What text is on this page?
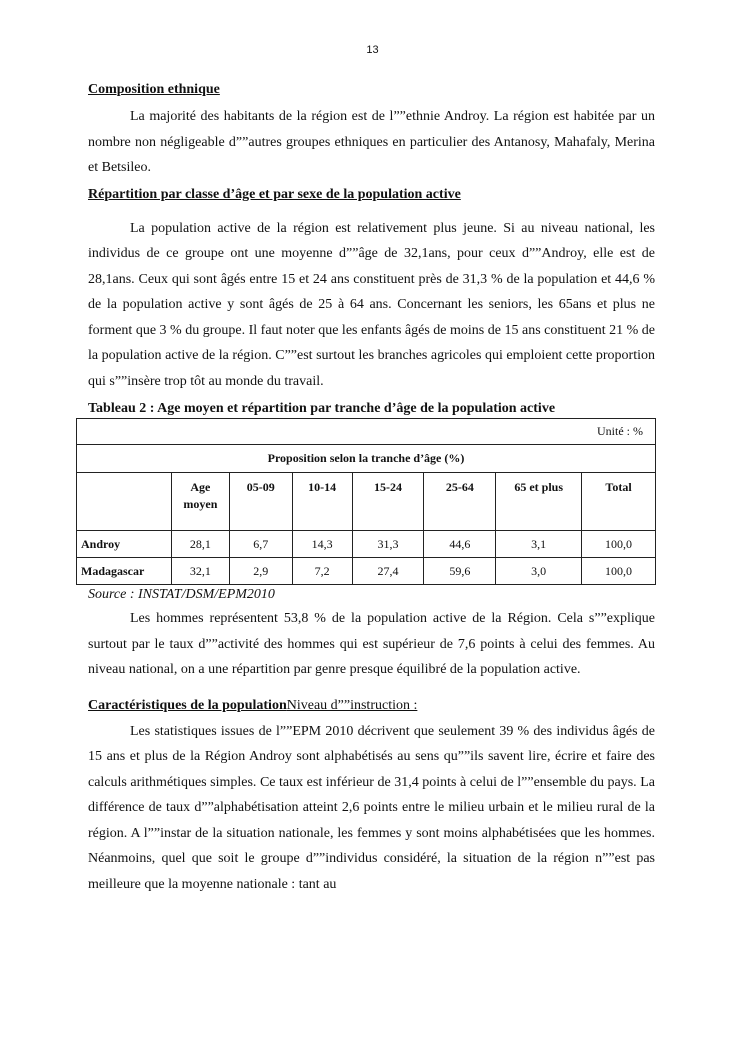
13

Composition ethnique

La majorité des habitants de la région est de l””ethnie Androy. La région est habitée par un nombre non négligeable d””autres groupes ethniques en particulier des Antanosy, Mahafaly, Merina et Betsileo.

Répartition par classe d’âge et par sexe de la population active

La population active de la région est relativement plus jeune. Si au niveau national, les individus de ce groupe ont une moyenne d””âge de 32,1ans, pour ceux d””Androy, elle est de 28,1ans. Ceux qui sont âgés entre 15 et 24 ans constituent près de 31,3 % de la population et 44,6 % de la population active y sont âgés de 25 à 64 ans. Concernant les seniors, les 65ans et plus ne forment que 3 % du groupe. Il faut noter que les enfants âgés de moins de 15 ans constituent 21 % de la population active de la région. C””est surtout les branches agricoles qui emploient cette proportion qui s””insère trop tôt au monde du travail.

Tableau 2 : Age moyen et répartition par tranche d’âge de la population active

Unité : %							
Proposition selon la tranche d’âge (%)							
	Age moyen	05-09	10-14	15-24	25-64	65 et plus	Total
Androy	28,1	6,7	14,3	31,3	44,6	3,1	100,0
Madagascar	32,1	2,9	7,2	27,4	59,6	3,0	100,0

Source : INSTAT/DSM/EPM2010

Les hommes représentent 53,8 % de la population active de la Région. Cela s””explique surtout par le taux d””activité des hommes qui est supérieur de 7,6 points à celui des femmes. Au niveau national, on a une répartition par genre presque équilibré de la population active.

Caractéristiques de la populationNiveau d””instruction :

Les statistiques issues de l””EPM 2010 décrivent que seulement 39 % des individus âgés de 15 ans et plus de la Région Androy sont alphabétisés au sens qu””ils savent lire, écrire et faire des calculs arithmétiques simples. Ce taux est inférieur de 31,4 points à celui de l””ensemble du pays. La différence de taux d””alphabétisation atteint 2,6 points entre le milieu urbain et le milieu rural de la région. A l””instar de la situation nationale, les femmes y sont moins alphabétisées que les hommes. Néanmoins, quel que soit le groupe d””individus considéré, la situation de la région n””est pas meilleure que la moyenne nationale : tant au
